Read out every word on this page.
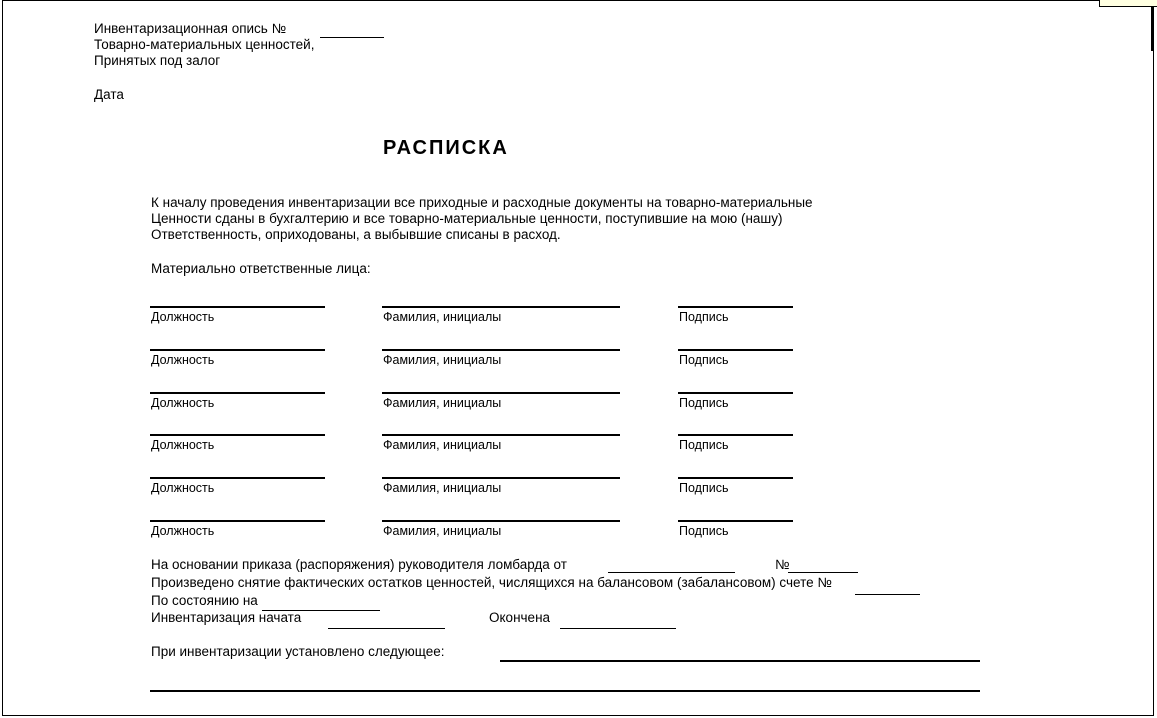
Инвентаризационная опись №
Товарно-материальных ценностей,
Принятых под залог
Дата
РАСПИСКА
К началу проведения инвентаризации все приходные и расходные документы на товарно-материальные
Ценности сданы в бухгалтерию и все товарно-материальные ценности, поступившие на мою (нашу)
Ответственность, оприходованы, а выбывшие списаны в расход.
Материально ответственные лица:
Должность	Фамилия, инициалы	Подпись
Должность	Фамилия, инициалы	Подпись
Должность	Фамилия, инициалы	Подпись
Должность	Фамилия, инициалы	Подпись
Должность	Фамилия, инициалы	Подпись
Должность	Фамилия, инициалы	Подпись
На основании приказа (распоряжения) руководителя ломбарда от	№
Произведено снятие фактических остатков ценностей, числящихся на балансовом (забалансовом) счете №
По состоянию на
Инвентаризация начата	Окончена
При инвентаризации установлено следующее:
